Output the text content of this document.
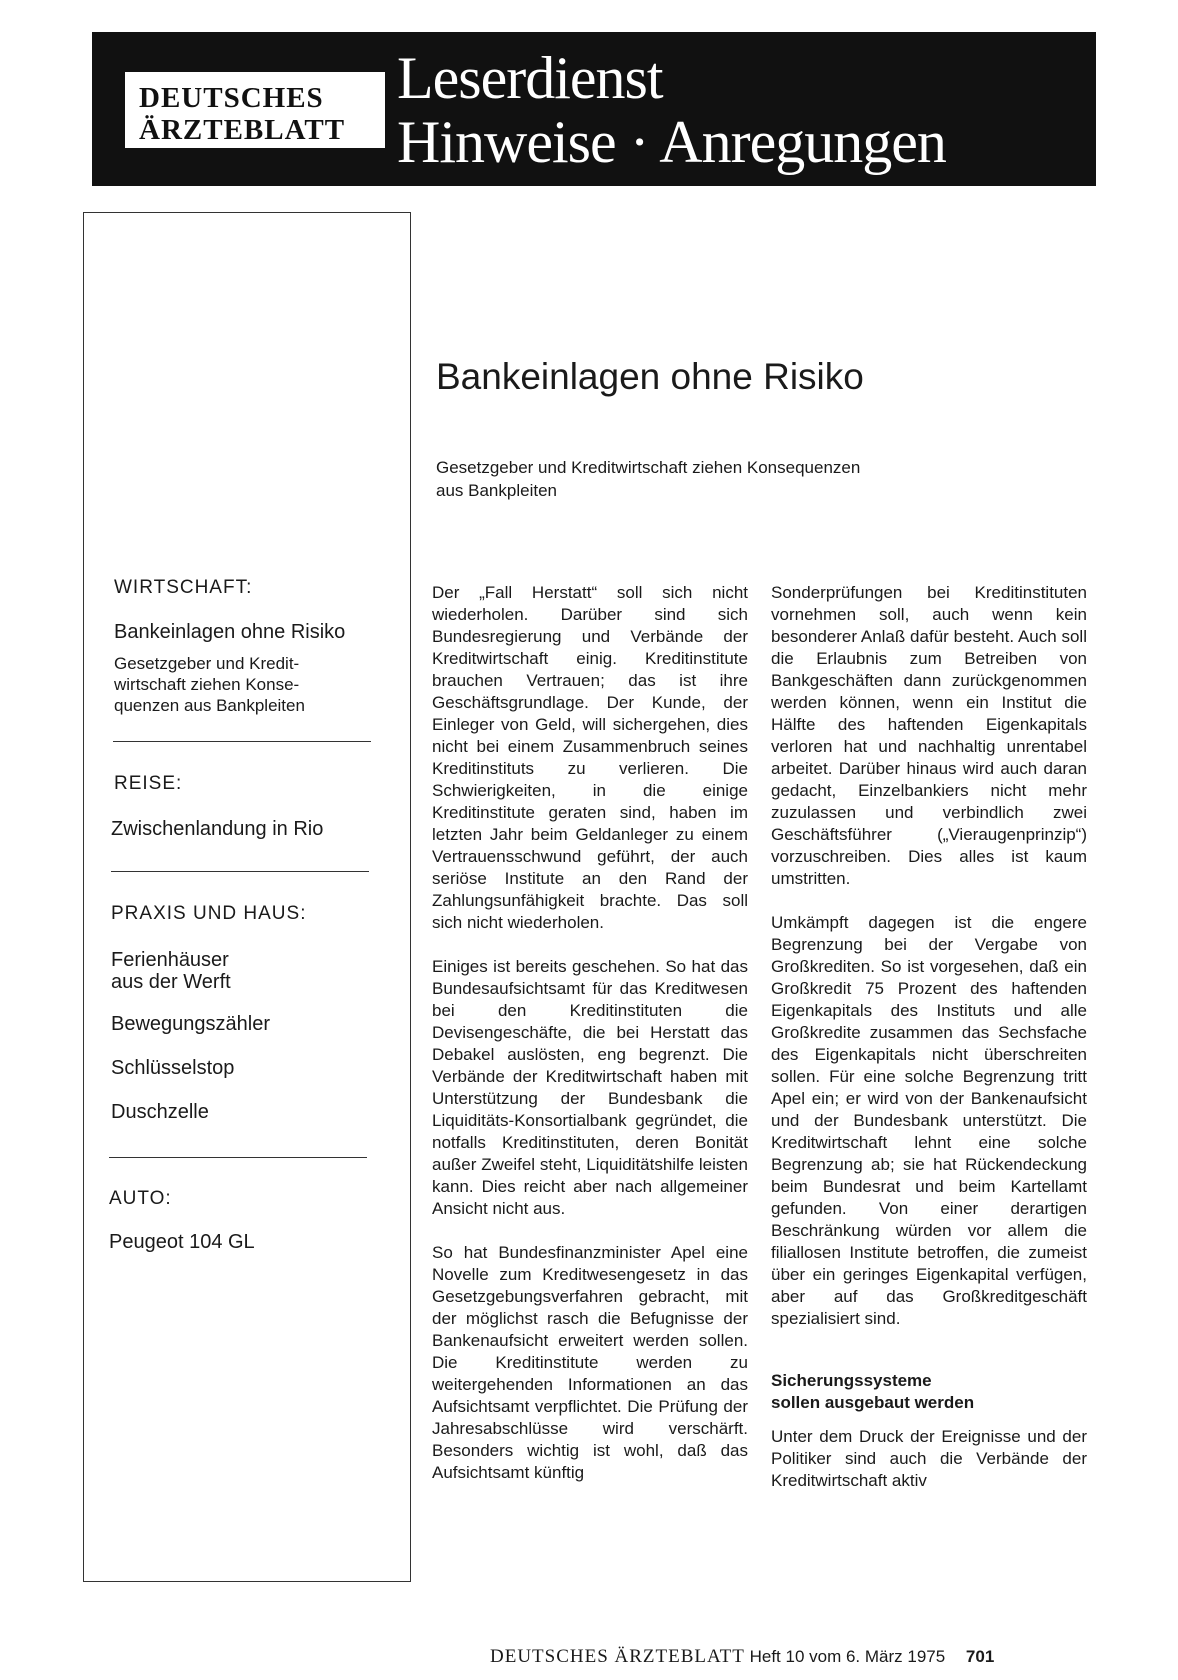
DEUTSCHES
ÄRZTEBLATT
Leserdienst
Hinweise · Anregungen
WIRTSCHAFT:
Bankeinlagen ohne Risiko
Gesetzgeber und Kredit-
wirtschaft ziehen Konse-
quenzen aus Bankpleiten
REISE:
Zwischenlandung in Rio
PRAXIS UND HAUS:
Ferienhäuser
aus der Werft
Bewegungszähler
Schlüsselstop
Duschzelle
AUTO:
Peugeot 104 GL
Bankeinlagen ohne Risiko
Gesetzgeber und Kreditwirtschaft ziehen Konsequenzen
aus Bankpleiten

Der „Fall Herstatt“ soll sich nicht wiederholen. Darüber sind sich Bundesregierung und Verbände der Kreditwirtschaft einig. Kreditinstitute brauchen Vertrauen; das ist ihre Geschäftsgrundlage. Der Kunde, der Einleger von Geld, will sichergehen, dies nicht bei einem Zusammenbruch seines Kreditinstituts zu verlieren. Die Schwierigkeiten, in die einige Kreditinstitute geraten sind, haben im letzten Jahr beim Geldanleger zu einem Vertrauensschwund geführt, der auch seriöse Institute an den Rand der Zahlungsunfähigkeit brachte. Das soll sich nicht wiederholen.

Einiges ist bereits geschehen. So hat das Bundesaufsichtsamt für das Kreditwesen bei den Kreditinstituten die Devisengeschäfte, die bei Herstatt das Debakel auslösten, eng begrenzt. Die Verbände der Kreditwirtschaft haben mit Unterstützung der Bundesbank die Liquiditäts-Konsortialbank gegründet, die notfalls Kreditinstituten, deren Bonität außer Zweifel steht, Liquiditätshilfe leisten kann. Dies reicht aber nach allgemeiner Ansicht nicht aus.

So hat Bundesfinanzminister Apel eine Novelle zum Kreditwesengesetz in das Gesetzgebungsverfahren gebracht, mit der möglichst rasch die Befugnisse der Bankenaufsicht erweitert werden sollen. Die Kreditinstitute werden zu weitergehenden Informationen an das Aufsichtsamt verpflichtet. Die Prüfung der Jahresabschlüsse wird verschärft. Besonders wichtig ist wohl, daß das Aufsichtsamt künftig

Sonderprüfungen bei Kreditinstituten vornehmen soll, auch wenn kein besonderer Anlaß dafür besteht. Auch soll die Erlaubnis zum Betreiben von Bankgeschäften dann zurückgenommen werden können, wenn ein Institut die Hälfte des haftenden Eigenkapitals verloren hat und nachhaltig unrentabel arbeitet. Darüber hinaus wird auch daran gedacht, Einzelbankiers nicht mehr zuzulassen und verbindlich zwei Geschäftsführer („Vieraugenprinzip“) vorzuschreiben. Dies alles ist kaum umstritten.

Umkämpft dagegen ist die engere Begrenzung bei der Vergabe von Großkrediten. So ist vorgesehen, daß ein Großkredit 75 Prozent des haftenden Eigenkapitals des Instituts und alle Großkredite zusammen das Sechsfache des Eigenkapitals nicht überschreiten sollen. Für eine solche Begrenzung tritt Apel ein; er wird von der Bankenaufsicht und der Bundesbank unterstützt. Die Kreditwirtschaft lehnt eine solche Begrenzung ab; sie hat Rückendeckung beim Bundesrat und beim Kartellamt gefunden. Von einer derartigen Beschränkung würden vor allem die filiallosen Institute betroffen, die zumeist über ein geringes Eigenkapital verfügen, aber auf das Großkreditgeschäft spezialisiert sind.

Sicherungssysteme
sollen ausgebaut werden

Unter dem Druck der Ereignisse und der Politiker sind auch die Verbände der Kreditwirtschaft aktiv

DEUTSCHES ÄRZTEBLATT Heft 10 vom 6. März 1975 701
